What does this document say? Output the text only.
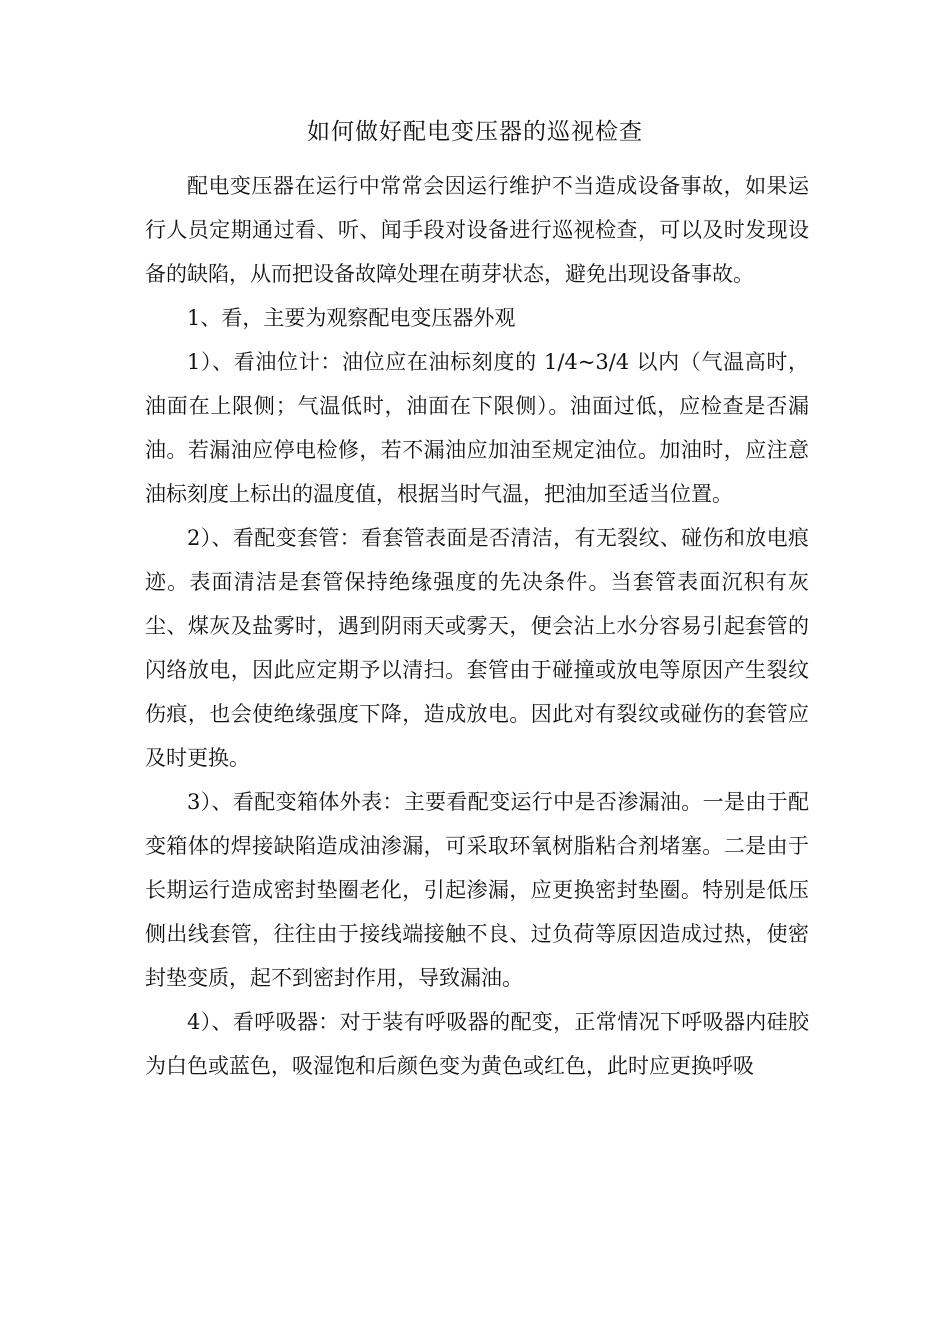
如何做好配电变压器的巡视检查

配电变压器在运行中常常会因运行维护不当造成设备事故，如果运行人员定期通过看、听、闻手段对设备进行巡视检查，可以及时发现设备的缺陷，从而把设备故障处理在萌芽状态，避免出现设备事故。

1、看，主要为观察配电变压器外观

1）、看油位计：油位应在油标刻度的 1/4~3/4 以内（气温高时，油面在上限侧；气温低时，油面在下限侧）。油面过低，应检查是否漏油。若漏油应停电检修，若不漏油应加油至规定油位。加油时，应注意油标刻度上标出的温度值，根据当时气温，把油加至适当位置。

2）、看配变套管：看套管表面是否清洁，有无裂纹、碰伤和放电痕迹。表面清洁是套管保持绝缘强度的先决条件。当套管表面沉积有灰尘、煤灰及盐雾时，遇到阴雨天或雾天，便会沾上水分容易引起套管的闪络放电，因此应定期予以清扫。套管由于碰撞或放电等原因产生裂纹伤痕，也会使绝缘强度下降，造成放电。因此对有裂纹或碰伤的套管应及时更换。

3）、看配变箱体外表：主要看配变运行中是否渗漏油。一是由于配变箱体的焊接缺陷造成油渗漏，可采取环氧树脂粘合剂堵塞。二是由于长期运行造成密封垫圈老化，引起渗漏，应更换密封垫圈。特别是低压侧出线套管，往往由于接线端接触不良、过负荷等原因造成过热，使密封垫变质，起不到密封作用，导致漏油。

4）、看呼吸器：对于装有呼吸器的配变，正常情况下呼吸器内硅胶为白色或蓝色，吸湿饱和后颜色变为黄色或红色，此时应更换呼吸
